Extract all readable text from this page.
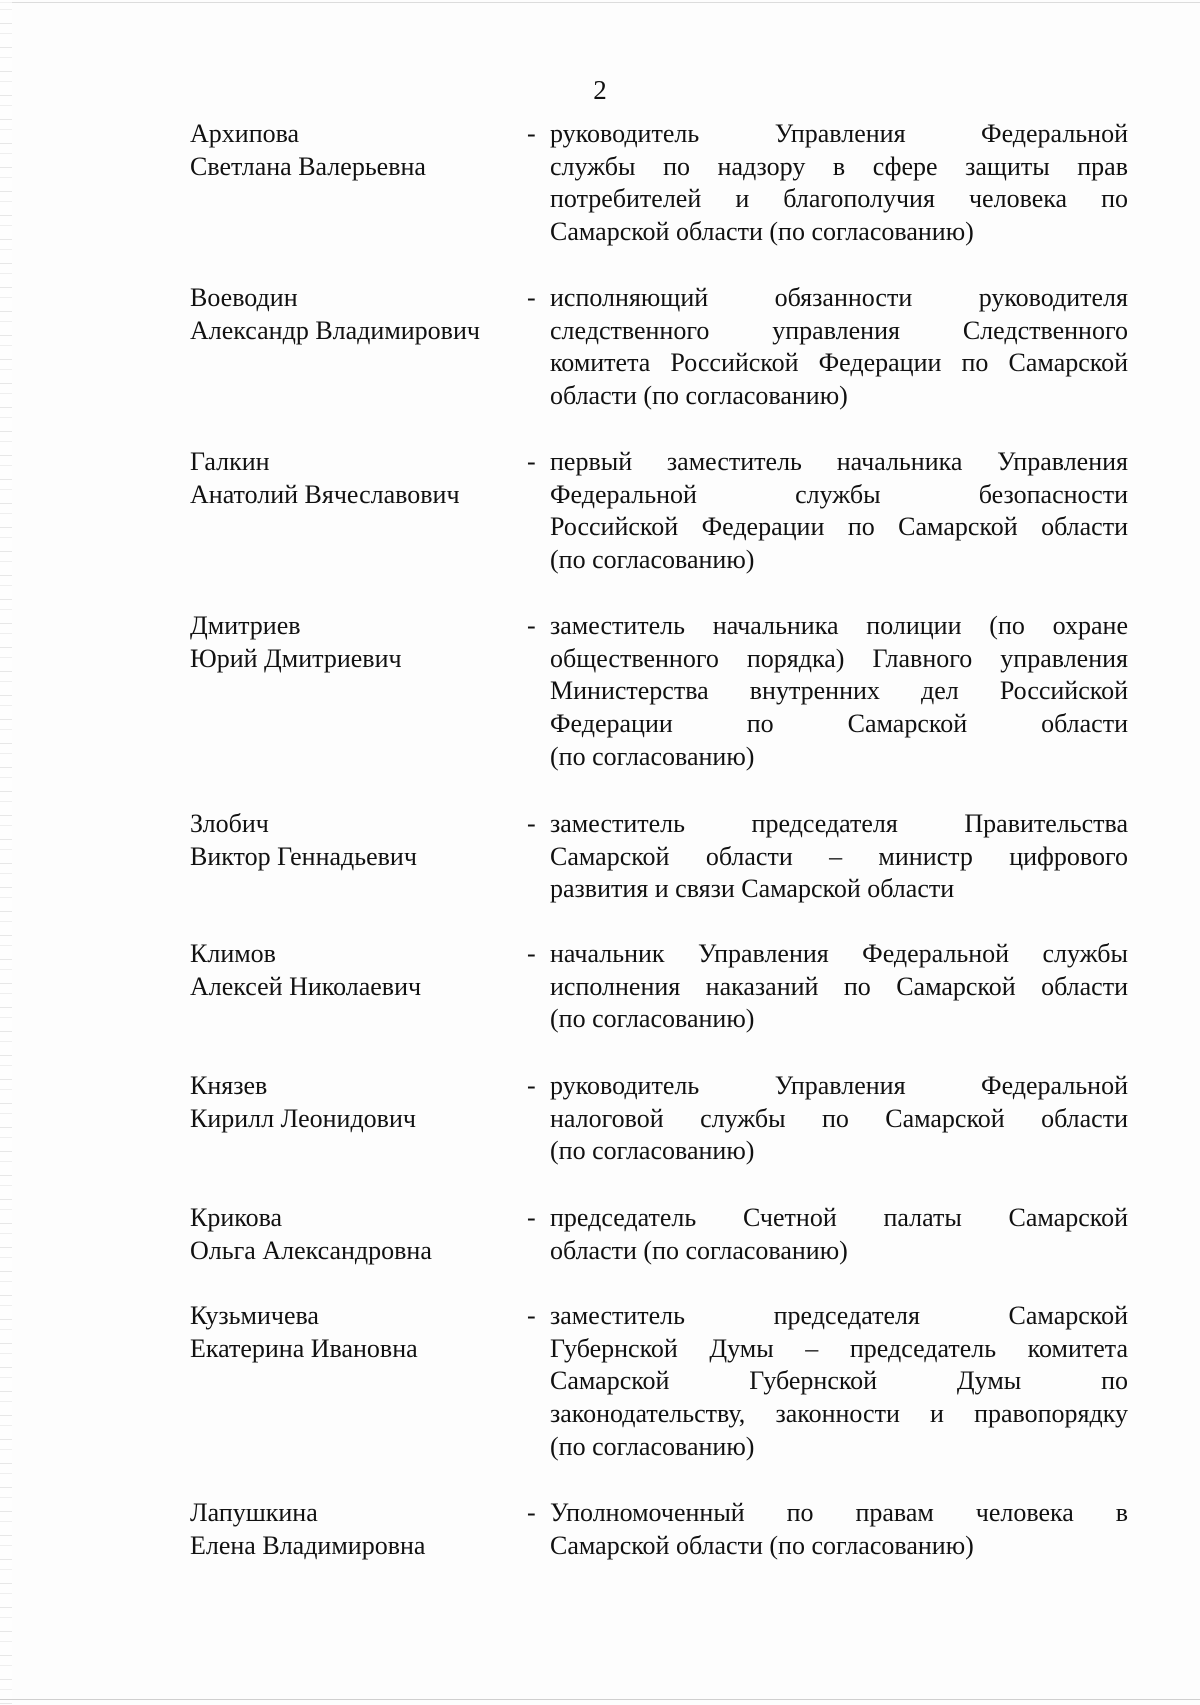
2
Архипова
Светлана Валерьевна
- руководитель Управления Федеральной
службы по надзору в сфере защиты прав
потребителей и благополучия человека по
Самарской области (по согласованию)
Воеводин
Александр Владимирович
- исполняющий обязанности руководителя
следственного управления Следственного
комитета Российской Федерации по Самарской
области (по согласованию)
Галкин
Анатолий Вячеславович
- первый заместитель начальника Управления
Федеральной службы безопасности
Российской Федерации по Самарской области
(по согласованию)
Дмитриев
Юрий Дмитриевич
- заместитель начальника полиции (по охране
общественного порядка) Главного управления
Министерства внутренних дел Российской
Федерации по Самарской области
(по согласованию)
Злобич
Виктор Геннадьевич
- заместитель председателя Правительства
Самарской области – министр цифрового
развития и связи Самарской области
Климов
Алексей Николаевич
- начальник Управления Федеральной службы
исполнения наказаний по Самарской области
(по согласованию)
Князев
Кирилл Леонидович
- руководитель Управления Федеральной
налоговой службы по Самарской области
(по согласованию)
Крикова
Ольга Александровна
- председатель Счетной палаты Самарской
области (по согласованию)
Кузьмичева
Екатерина Ивановна
- заместитель председателя Самарской
Губернской Думы – председатель комитета
Самарской Губернской Думы по
законодательству, законности и правопорядку
(по согласованию)
Лапушкина
Елена Владимировна
- Уполномоченный по правам человека в
Самарской области (по согласованию)
